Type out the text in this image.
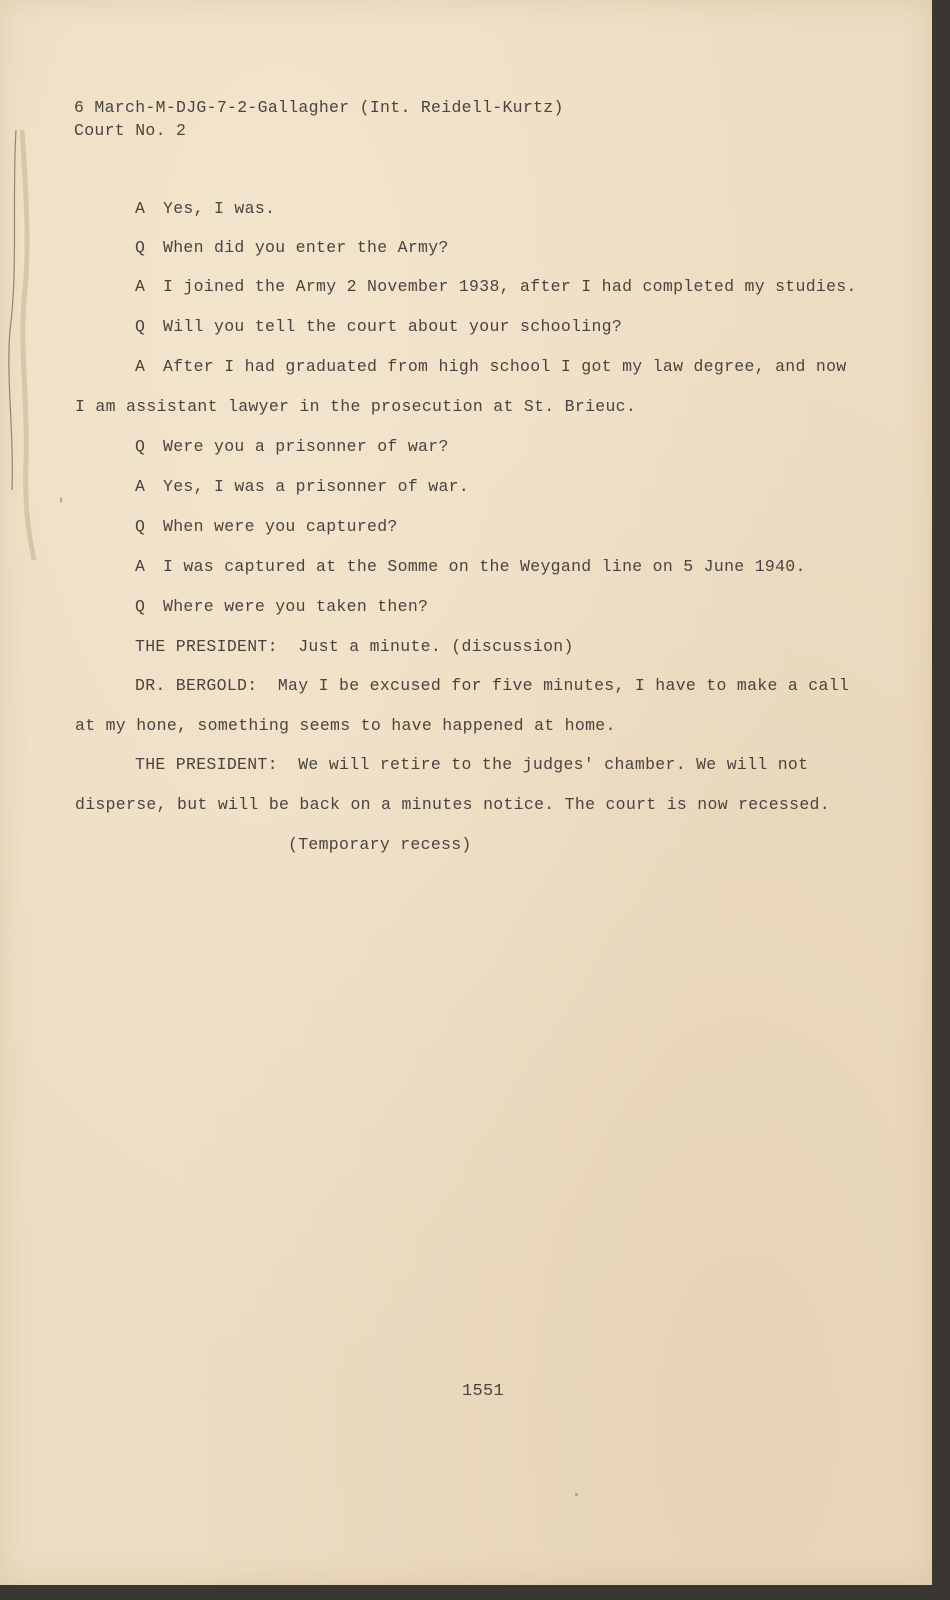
6 March-M-DJG-7-2-Gallagher (Int. Reidell-Kurtz)

Court No. 2

A Yes, I was.

Q When did you enter the Army?

A I joined the Army 2 November 1938, after I had completed my studies.

Q Will you tell the court about your schooling?

A After I had graduated from high school I got my law degree, and now

I am assistant lawyer in the prosecution at St. Brieuc.

Q Were you a prisonner of war?

A Yes, I was a prisonner of war.

Q When were you captured?

A I was captured at the Somme on the Weygand line on 5 June 1940.

Q Where were you taken then?

THE PRESIDENT: Just a minute. (discussion)

DR. BERGOLD: May I be excused for five minutes, I have to make a call

at my hone, something seems to have happened at home.

THE PRESIDENT: We will retire to the judges' chamber. We will not

disperse, but will be back on a minutes notice. The court is now recessed.

(Temporary recess)

1551
